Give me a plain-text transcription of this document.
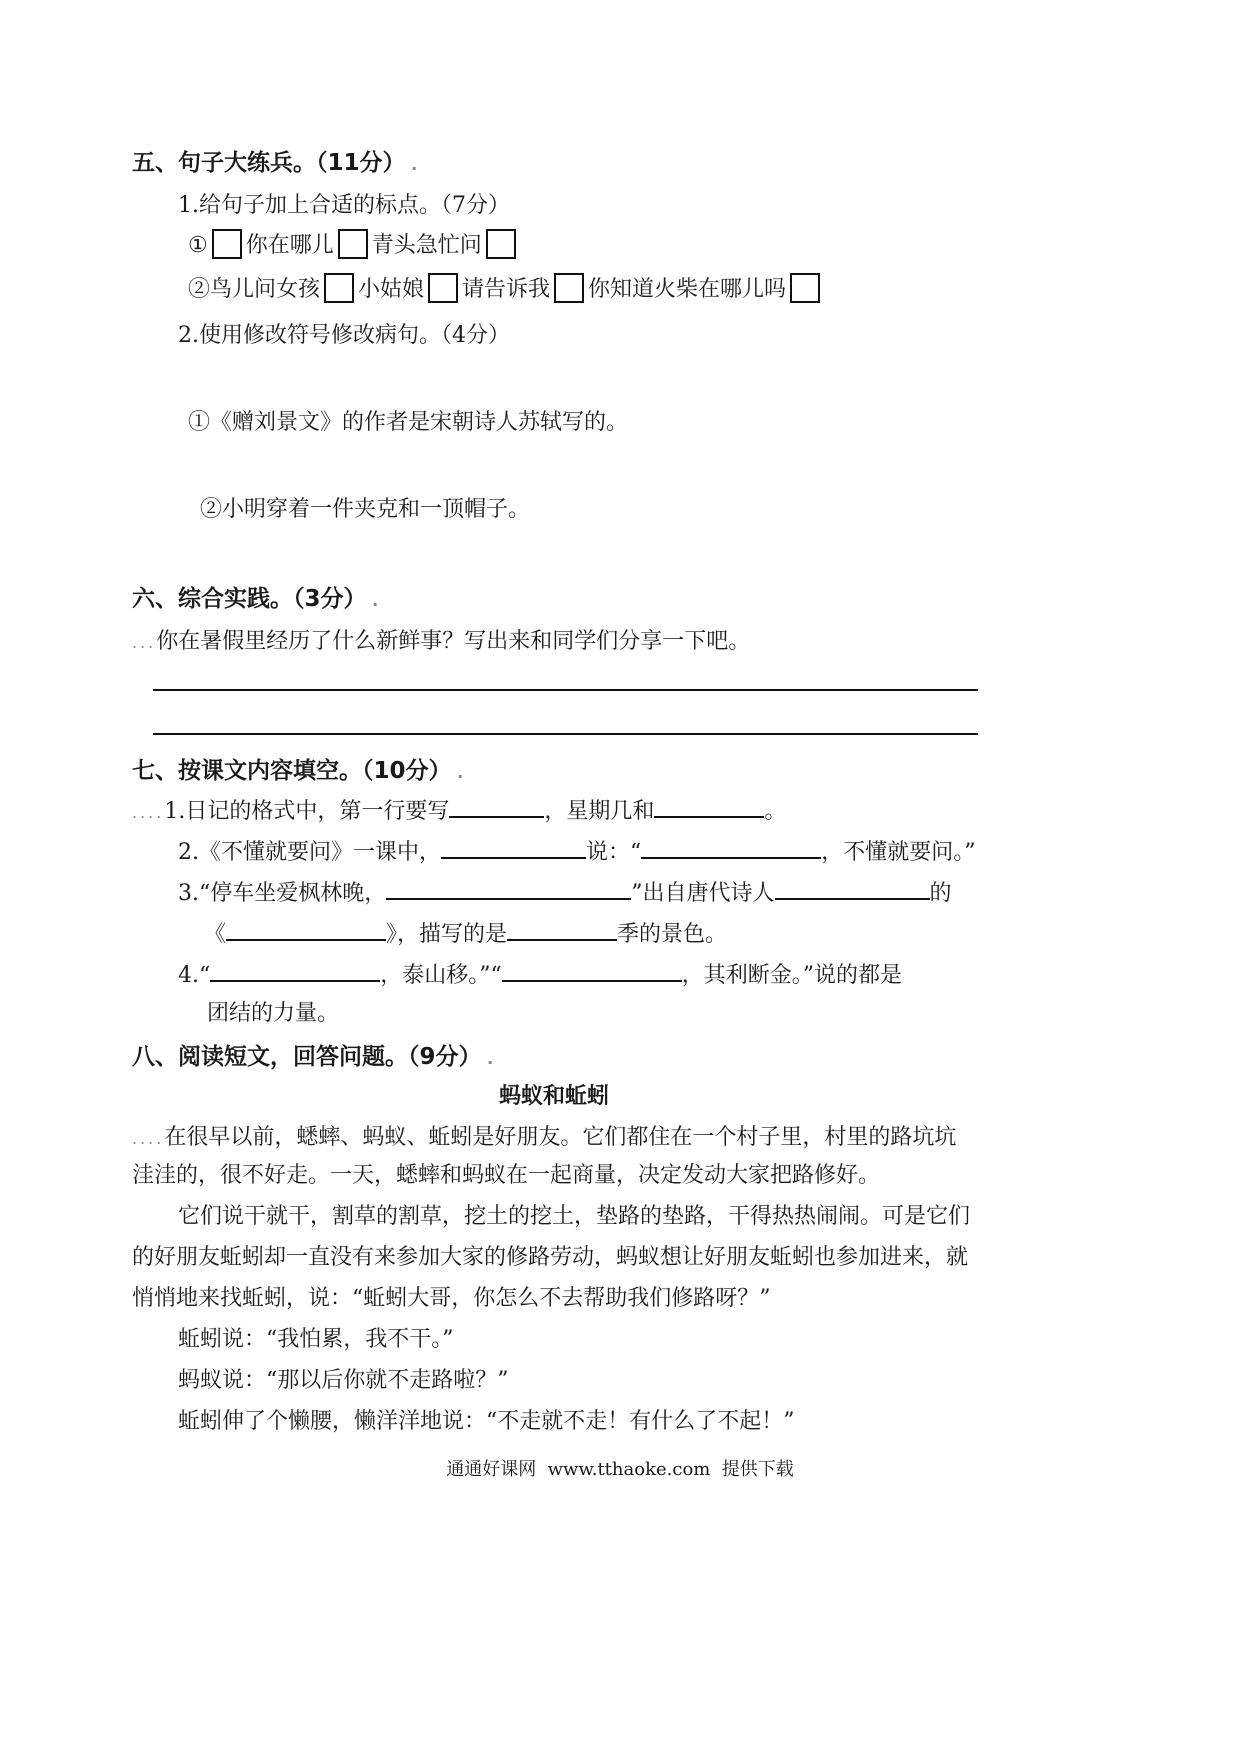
五、句子大练兵。（11分） .
1.给句子加上合适的标点。（7分）
① 你在哪儿 青头急忙问
②鸟儿问女孩 小姑娘 请告诉我 你知道火柴在哪儿吗
2.使用修改符号修改病句。（4分）
①《赠刘景文》的作者是宋朝诗人苏轼写的。
②小明穿着一件夹克和一顶帽子。
六、综合实践。（3分） .
...你在暑假里经历了什么新鲜事？写出来和同学们分享一下吧。
七、按课文内容填空。（10分） .
....1.日记的格式中，第一行要写	，星期几和	。
2.《不懂就要问》一课中，	说：“	，不懂就要问。”
3.“停车坐爱枫林晚，	”出自唐代诗人	的
《	》，描写的是	季的景色。
4.“	，泰山移。”“	，其利断金。”说的都是
团结的力量。
八、阅读短文，回答问题。（9分） .
蚂蚁和蚯蚓
....在很早以前，蟋蟀、蚂蚁、蚯蚓是好朋友。它们都住在一个村子里，村里的路坑坑
洼洼的，很不好走。一天，蟋蟀和蚂蚁在一起商量，决定发动大家把路修好。
它们说干就干，割草的割草，挖土的挖土，垫路的垫路，干得热热闹闹。可是它们
的好朋友蚯蚓却一直没有来参加大家的修路劳动，蚂蚁想让好朋友蚯蚓也参加进来，就
悄悄地来找蚯蚓，说：“蚯蚓大哥，你怎么不去帮助我们修路呀？”
蚯蚓说：“我怕累，我不干。”
蚂蚁说：“那以后你就不走路啦？”
蚯蚓伸了个懒腰，懒洋洋地说：“不走就不走！有什么了不起！”
通通好课网  www.tthaoke.com  提供下载
